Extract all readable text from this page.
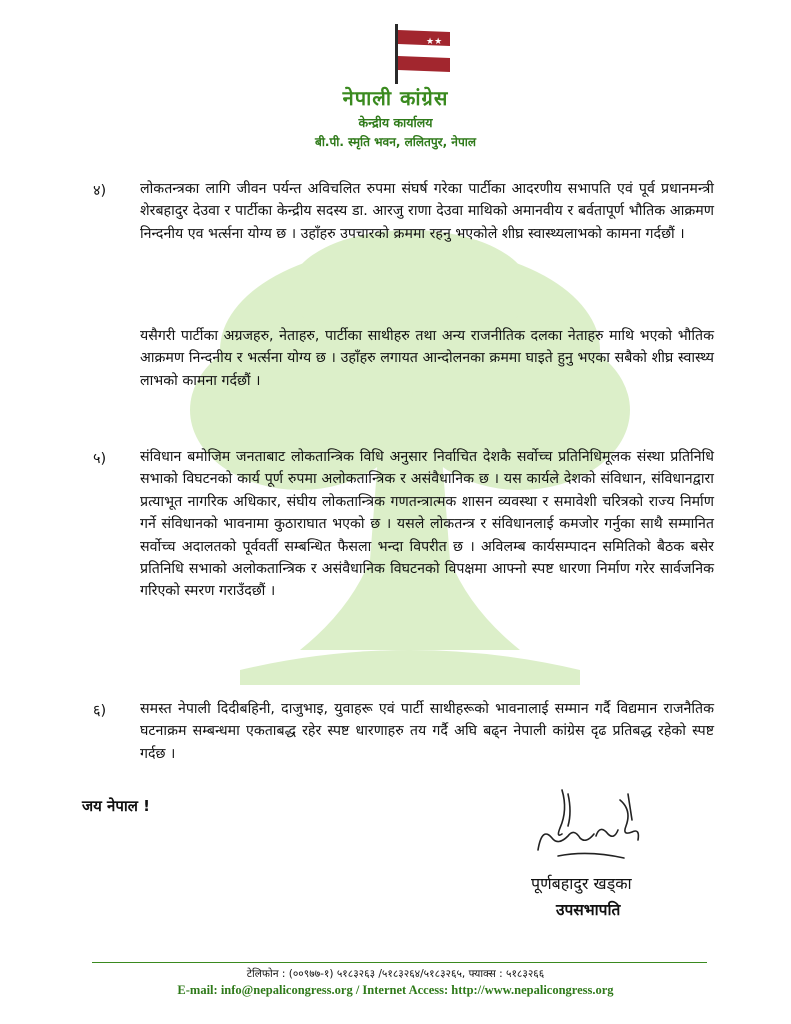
★★
★★
नेपाली कांग्रेस
केन्द्रीय कार्यालय
बी.पी. स्मृति भवन, ललितपुर, नेपाल
४) लोकतन्त्रका लागि जीवन पर्यन्त अविचलित रुपमा संघर्ष गरेका पार्टीका आदरणीय सभापति एवं पूर्व प्रधानमन्त्री शेरबहादुर देउवा र पार्टीका केन्द्रीय सदस्य डा. आरजु राणा देउवा माथिको अमानवीय र बर्वतापूर्ण भौतिक आक्रमण निन्दनीय एव भर्त्सना योग्य छ । उहाँहरु उपचारको क्रममा रहनु भएकोले शीघ्र स्वास्थ्यलाभको कामना गर्दछौं ।
यसैगरी पार्टीका अग्रजहरु, नेताहरु, पार्टीका साथीहरु तथा अन्य राजनीतिक दलका नेताहरु माथि भएको भौतिक आक्रमण निन्दनीय र भर्त्सना योग्य छ । उहाँहरु लगायत आन्दोलनका क्रममा घाइते हुनु भएका सबैको शीघ्र स्वास्थ्य लाभको कामना गर्दछौं ।
५) संविधान बमोजिम जनताबाट लोकतान्त्रिक विधि अनुसार निर्वाचित देशकै सर्वोच्च प्रतिनिधिमूलक संस्था प्रतिनिधि सभाको विघटनको कार्य पूर्ण रुपमा अलोकतान्त्रिक र असंवैधानिक छ । यस कार्यले देशको संविधान, संविधानद्वारा प्रत्याभूत नागरिक अधिकार, संघीय लोकतान्त्रिक गणतन्त्रात्मक शासन व्यवस्था र समावेशी चरित्रको राज्य निर्माण गर्ने संविधानको भावनामा कुठाराघात भएको छ । यसले लोकतन्त्र र संविधानलाई कमजोर गर्नुका साथै सम्मानित सर्वोच्च अदालतको पूर्ववर्ती सम्बन्धित फैसला भन्दा विपरीत छ । अविलम्ब कार्यसम्पादन समितिको बैठक बसेर प्रतिनिधि सभाको अलोकतान्त्रिक र असंवैधानिक विघटनको विपक्षमा आफ्नो स्पष्ट धारणा निर्माण गरेर सार्वजनिक गरिएको स्मरण गराउँदछौं ।
६) समस्त नेपाली दिदीबहिनी, दाजुभाइ, युवाहरू एवं पार्टी साथीहरूको भावनालाई सम्मान गर्दै विद्यमान राजनैतिक घटनाक्रम सम्बन्धमा एकताबद्ध रहेर स्पष्ट धारणाहरु तय गर्दै अघि बढ्न नेपाली कांग्रेस दृढ प्रतिबद्ध रहेको स्पष्ट गर्दछ ।
जय नेपाल !
पूर्णबहादुर खड्का
उपसभापति
टेलिफोन : (००९७७-१) ५१८३२६३ /५१८३२६४/५१८३२६५, फ्याक्स : ५१८३२६६
E-mail: info@nepalicongress.org / Internet Access: http://www.nepalicongress.org
